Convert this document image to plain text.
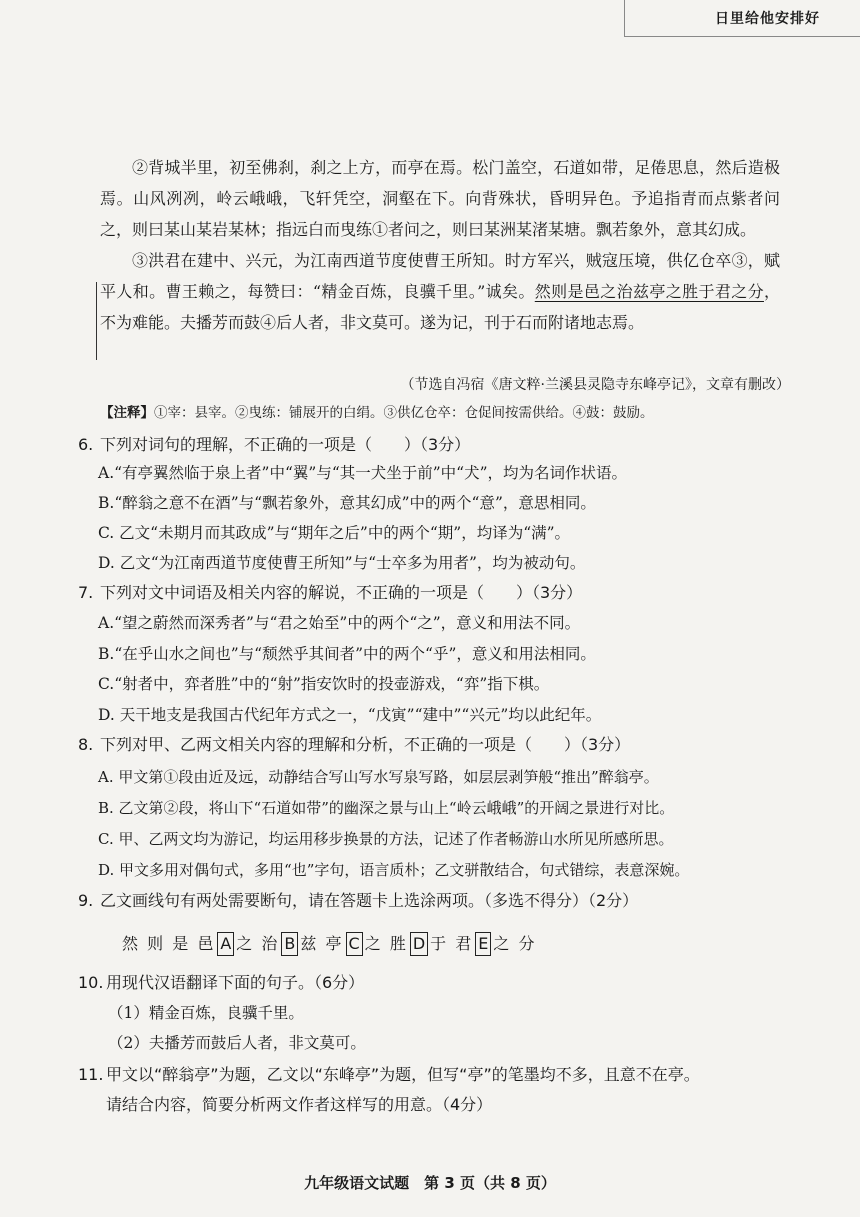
日里给他安排好

②背城半里，初至佛刹，刹之上方，而亭在焉。松门盖空，石道如带，足倦思息，然后造极焉。山风冽冽，岭云峨峨，飞轩凭空，洞壑在下。向背殊状，昏明异色。予追指青而点紫者问之，则曰某山某岩某林；指远白而曳练①者问之，则曰某洲某渚某塘。飘若象外，意其幻成。

③洪君在建中、兴元，为江南西道节度使曹王所知。时方军兴，贼寇压境，供亿仓卒③，赋平人和。曹王赖之，每赞曰：“精金百炼，良骥千里。”诚矣。然则是邑之治兹亭之胜于君之分，不为难能。夫播芳而鼓④后人者，非文莫可。遂为记，刊于石而附诸地志焉。

（节选自冯宿《唐文粹·兰溪县灵隐寺东峰亭记》，文章有删改）
【注释】①宰：县宰。②曳练：铺展开的白绢。③供亿仓卒：仓促间按需供给。④鼓：鼓励。
6. 下列对词句的理解，不正确的一项是（　　）（3分）
A.“有亭翼然临于泉上者”中“翼”与“其一犬坐于前”中“犬”，均为名词作状语。
B.“醉翁之意不在酒”与“飘若象外，意其幻成”中的两个“意”，意思相同。
C. 乙文“未期月而其政成”与“期年之后”中的两个“期”，均译为“满”。
D. 乙文“为江南西道节度使曹王所知”与“士卒多为用者”，均为被动句。
7. 下列对文中词语及相关内容的解说，不正确的一项是（　　）（3分）
A.“望之蔚然而深秀者”与“君之始至”中的两个“之”，意义和用法不同。
B.“在乎山水之间也”与“颓然乎其间者”中的两个“乎”，意义和用法相同。
C.“射者中，弈者胜”中的“射”指安饮时的投壶游戏，“弈”指下棋。
D. 天干地支是我国古代纪年方式之一，“戊寅”“建中”“兴元”均以此纪年。
8. 下列对甲、乙两文相关内容的理解和分析，不正确的一项是（　　）（3分）
A. 甲文第①段由近及远，动静结合写山写水写泉写路，如层层剥笋般“推出”醉翁亭。
B. 乙文第②段，将山下“石道如带”的幽深之景与山上“岭云峨峨”的开阔之景进行对比。
C. 甲、乙两文均为游记，均运用移步换景的方法，记述了作者畅游山水所见所感所思。
D. 甲文多用对偶句式，多用“也”字句，语言质朴；乙文骈散结合，句式错综，表意深婉。
9. 乙文画线句有两处需要断句，请在答题卡上选涂两项。（多选不得分）（2分）
然 则 是 邑 A 之 治 B 兹 亭 C 之 胜 D 于 君 E 之 分
10. 用现代汉语翻译下面的句子。（6分）
（1）精金百炼，良骥千里。
（2）夫播芳而鼓后人者，非文莫可。
11. 甲文以“醉翁亭”为题，乙文以“东峰亭”为题，但写“亭”的笔墨均不多，且意不在亭。
请结合内容，简要分析两文作者这样写的用意。（4分）
九年级语文试题　第 3 页（共 8 页）
